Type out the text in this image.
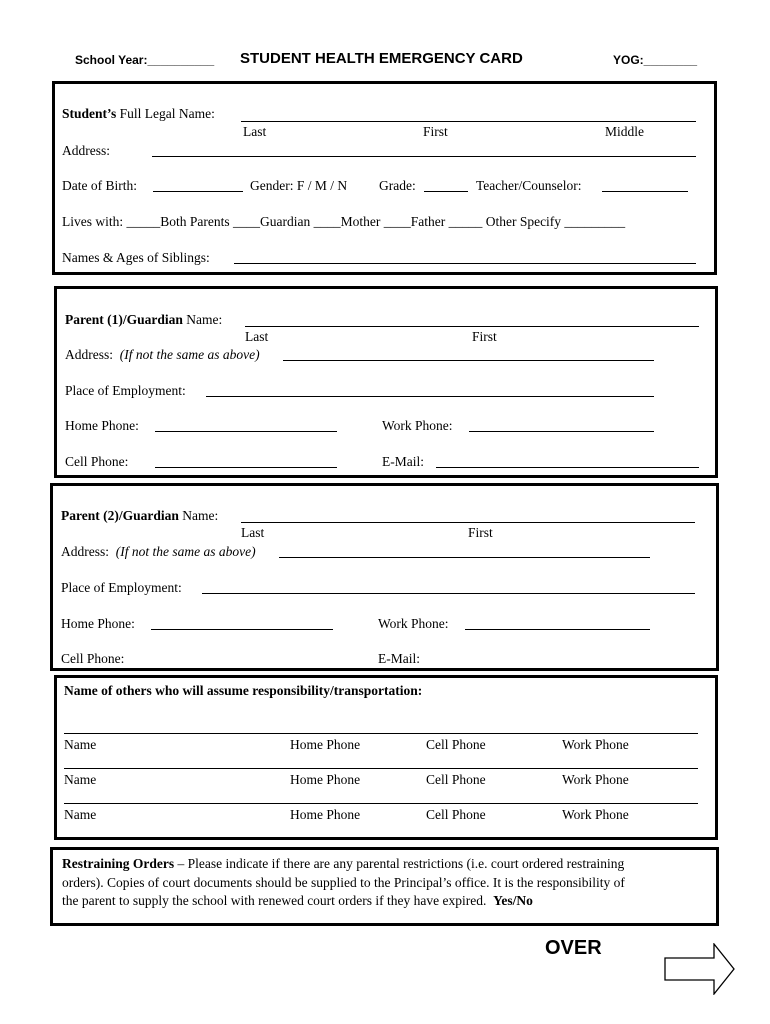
School Year:__________ STUDENT HEALTH EMERGENCY CARD	YOG:________
Student’s Full Legal Name:
Last	First	Middle
Address:
Date of Birth:	Gender: F / M / N Grade:	Teacher/Counselor:
Lives with: _____Both Parents ____Guardian ____Mother ____Father _____ Other Specify _________
Names & Ages of Siblings:
Parent (1)/Guardian Name:
Last	First
Address: (If not the same as above)
Place of Employment:
Home Phone:	Work Phone:
Cell Phone:	E-Mail:
Parent (2)/Guardian Name:
Last	First
Address: (If not the same as above)
Place of Employment:
Home Phone:	Work Phone:
Cell Phone:	E-Mail:
Name of others who will assume responsibility/transportation:
Name	Home Phone	Cell Phone	Work Phone
Name	Home Phone	Cell Phone	Work Phone
Name	Home Phone	Cell Phone	Work Phone
Restraining Orders – Please indicate if there are any parental restrictions (i.e. court ordered restraining
orders). Copies of court documents should be supplied to the Principal’s office. It is the responsibility of
the parent to supply the school with renewed court orders if they have expired. Yes/No
OVER
